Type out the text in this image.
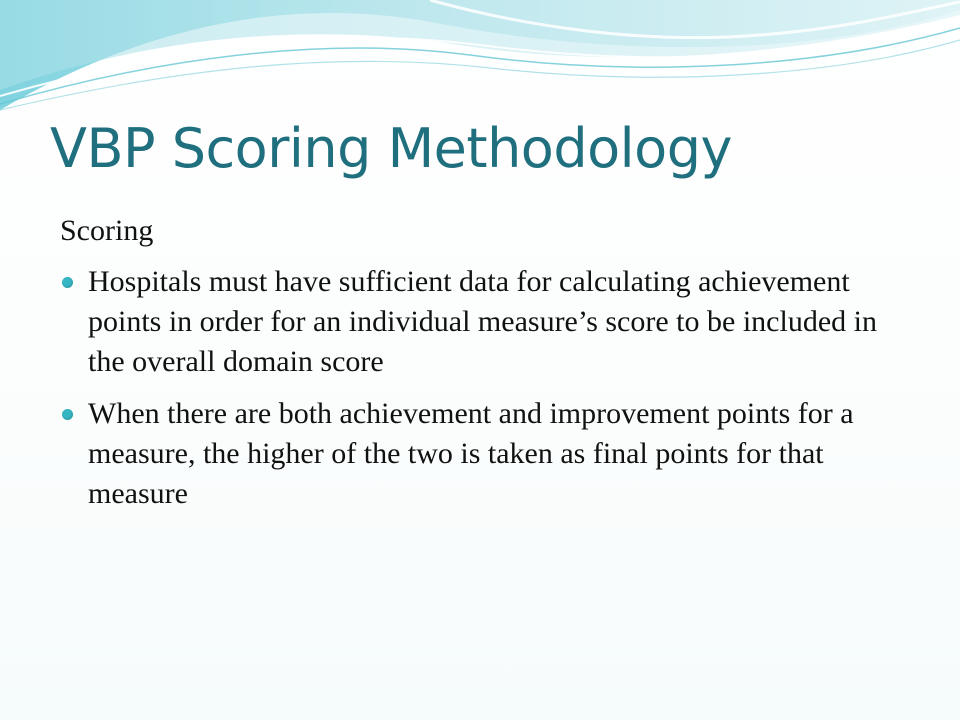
VBP Scoring Methodology

Scoring

Hospitals must have sufficient data for calculating achievement points in order for an individual measure’s score to be included in the overall domain score
When there are both achievement and improvement points for a measure, the higher of the two is taken as final points for that measure
